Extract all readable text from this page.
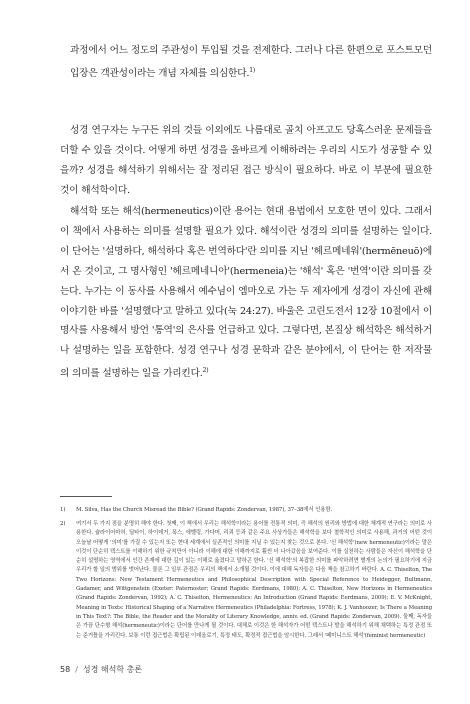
과정에서 어느 정도의 주관성이 투입될 것을 전제한다. 그러나 다른 한편으로 포스트모던 입장은 객관성이라는 개념 자체를 의심한다.$^{1)}$

성경 연구자는 누구든 위의 것들 이외에도 나름대로 골치 아프고도 당혹스러운 문제들을 더할 수 있을 것이다. 어떻게 하면 성경을 올바르게 이해하려는 우리의 시도가 성공할 수 있을까? 성경을 해석하기 위해서는 잘 정리된 접근 방식이 필요하다. 바로 이 부분에 필요한 것이 해석학이다.

해석학 또는 해석(hermeneutics)이란 용어는 현대 용법에서 모호한 면이 있다. 그래서 이 책에서 사용하는 의미를 설명할 필요가 있다. 해석이란 성경의 의미를 설명하는 일이다. 이 단어는 '설명하다, 해석하다 혹은 번역하다'란 의미를 지닌 '헤르메네워'(hermēneuō)에서 온 것이고, 그 명사형인 '헤르메네니아'(hermeneia)는 '해석' 혹은 '번역'이란 의미를 갖는다. 누가는 이 동사를 사용해서 예수님이 엠마오로 가는 두 제자에게 성경이 자신에 관해 이야기한 바를 '설명했다'고 말하고 있다(눅 24:27). 바울은 고린도전서 12장 10절에서 이 명사를 사용해서 방언 '통역'의 은사를 언급하고 있다. 그렇다면, 본질상 해석학은 해석하거나 설명하는 일을 포함한다. 성경 연구나 성경 문학과 같은 분야에서, 이 단어는 한 저작물의 의미를 설명하는 일을 가리킨다.$^{2)}$

1) M. Silva, Has the Church Misread the Bible? (Grand Rapids: Zondervan, 1987), 37–38에서 인용함.
2) 여기서 두 가지 점을 분명히 해야 한다. 첫째, 이 책에서 우리는 해석학이라는 용어를 전통적 의미, 즉 해석의 원리와 방법에 대한 체계적 연구라는 의미로 사용한다. 슐라이어마허, 딜타이, 하이데거, 폭스, 에벨링, 가다머, 리쾨 등과 같은 주요 사상가들은 해석학을 보다 철학적인 의미로 사용해, 과거의 어떤 것이 오늘날 어떻게 '의미'를 가질 수 있는지 또는 현대 세계에서 실존적인 의미를 지닐 수 있는지 찾는 것으로 본다. '신 해석학'(new hermeneutic)이라는 말은 이것이 단순히 텍스트를 이해하기 위한 규칙만이 아니라 이해에 대한 이해까지로 훨씬 더 나아갔음을 보여준다. 이를 실천하는 사람들은 자신이 해석학을 단순히 설명하는 영역에서 인간 존재에 대한 깊이 있는 이해로 옮겼다고 말하곤 한다. '신 해석학'의 복잡한 의미를 파악하려면 별개의 논의가 필요하기에 지금 우리가 할 일의 범위를 벗어난다. 물론 그 일부 관점은 우리의 책에서 소개될 것이다. 이에 대해 독자들은 다음 책을 참고하기 바란다. A. C. Thiselton, The Two Horizons: New Testament Hermeneutics and Philosophical Description with Special Reference to Heidegger, Bultmann, Gadamer, and Wittgenstein (Exeter: Paternoster; Grand Rapids: Eerdmans, 1980); A. C. Thiselton, New Horizons in Hermeneutics (Grand Rapids: Zondervan, 1992); A. C. Thiselton, Hermeneutics: An Introduction (Grand Rapids: Eerdmans, 2009); E. V. McKnight, Meaning in Texts: Historical Shaping of a Narrative Hermeneutics (Philadelphia: Fortress, 1978); K. J. Vanhoozer, Is There a Meaning in This Text?: The Bible, the Reader and the Morality of Literary Knowledge, anniv. ed. (Grand Rapids: Zondervan, 2009). 둘째, 독자들은 가끔 단수형 해석(hermeneutic)이라는 단어를 만나게 될 것이다. 대체로 이것은 한 해석자가 어떤 텍스트나 발을 해석하기 위해 채택하는 특정 관점 또는 준거틀을 가리킨다. 보통 이런 접근법은 확립된 이데올로기, 특정 태도, 확정적 접근법을 암시한다. 그래서 '페미니스트 해석'(feminist hermeneutic)
58 / 성경 해석학 총론
